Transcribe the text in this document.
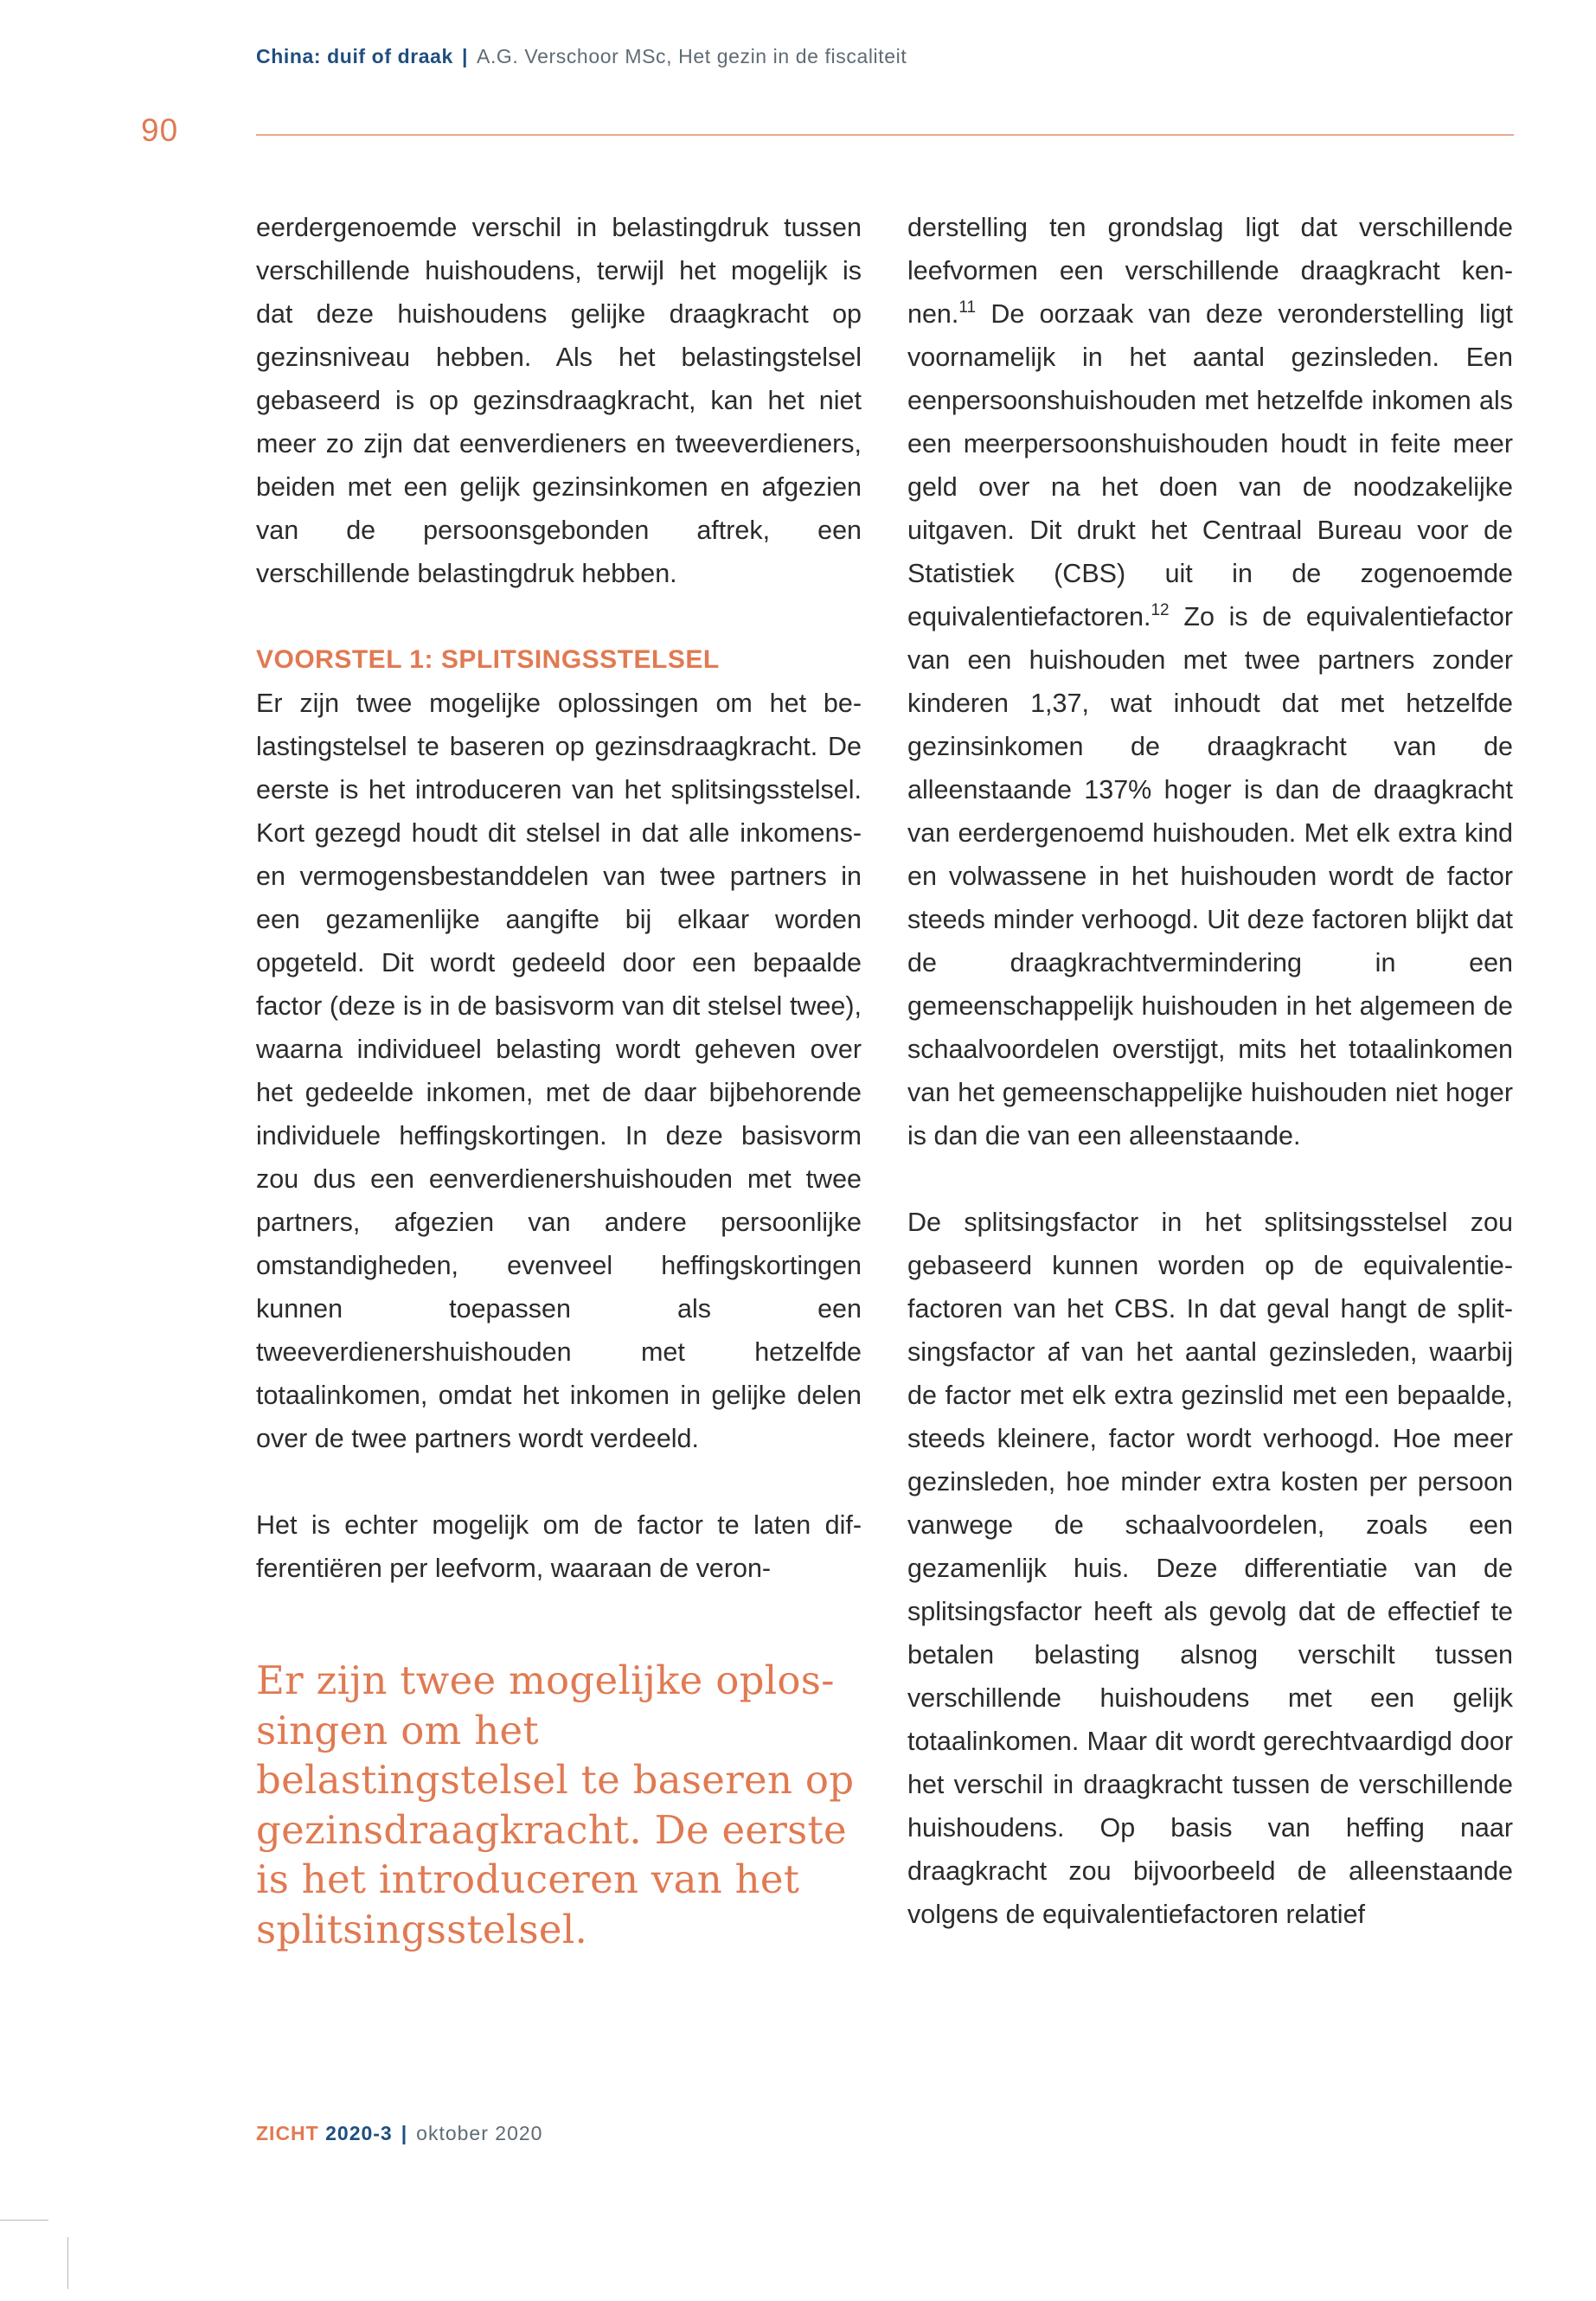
China: duif of draak | A.G. Verschoor MSc, Het gezin in de fiscaliteit
90

eerdergenoemde verschil in belastingdruk tussen verschillende huishoudens, terwijl het mogelijk is dat deze huishoudens gelijke draagkracht op gezinsniveau hebben. Als het belastingstelsel gebaseerd is op gezinsdraagkracht, kan het niet meer zo zijn dat eenverdieners en tweeverdieners, beiden met een gelijk gezinsinkomen en afgezien van de persoonsgebonden aftrek, een verschillende belastingdruk hebben.

VOORSTEL 1: SPLITSINGSSTELSEL

Er zijn twee mogelijke oplossingen om het belastingstelsel te baseren op gezinsdraagkracht. De eerste is het introduceren van het splitsingsstelsel. Kort gezegd houdt dit stelsel in dat alle inkomens- en vermogensbestanddelen van twee partners in een gezamenlijke aangifte bij elkaar worden opgeteld. Dit wordt gedeeld door een bepaalde factor (deze is in de basisvorm van dit stelsel twee), waarna individueel belasting wordt geheven over het gedeelde inkomen, met de daar bijbehorende individuele heffingskortingen. In deze basisvorm zou dus een eenverdienershuishouden met twee partners, afgezien van andere persoonlijke omstandigheden, evenveel heffingskortingen kunnen toepassen als een tweeverdienershuishouden met hetzelfde totaalinkomen, omdat het inkomen in gelijke delen over de twee partners wordt verdeeld.

Het is echter mogelijk om de factor te laten differentiëren per leefvorm, waaraan de veron-

Er zijn twee mogelijke oplossingen om het belastingstelsel te baseren op gezinsdraagkracht. De eerste is het introduceren van het splitsingsstelsel.

derstelling ten grondslag ligt dat verschillende leefvormen een verschillende draagkracht kennen.$^{11}$ De oorzaak van deze veronderstelling ligt voornamelijk in het aantal gezinsleden. Een eenpersoonshuishouden met hetzelfde inkomen als een meerpersoonshuishouden houdt in feite meer geld over na het doen van de noodzakelijke uitgaven. Dit drukt het Centraal Bureau voor de Statistiek (CBS) uit in de zogenoemde equivalentiefactoren.$^{12}$ Zo is de equivalentiefactor van een huishouden met twee partners zonder kinderen 1,37, wat inhoudt dat met hetzelfde gezinsinkomen de draagkracht van de alleenstaande 137% hoger is dan de draagkracht van eerdergenoemd huishouden. Met elk extra kind en volwassene in het huishouden wordt de factor steeds minder verhoogd. Uit deze factoren blijkt dat de draagkrachtvermindering in een gemeenschappelijk huishouden in het algemeen de schaalvoordelen overstijgt, mits het totaalinkomen van het gemeenschappelijke huishouden niet hoger is dan die van een alleenstaande.

De splitsingsfactor in het splitsingsstelsel zou gebaseerd kunnen worden op de equivalentiefactoren van het CBS. In dat geval hangt de splitsingsfactor af van het aantal gezinsleden, waarbij de factor met elk extra gezinslid met een bepaalde, steeds kleinere, factor wordt verhoogd. Hoe meer gezinsleden, hoe minder extra kosten per persoon vanwege de schaalvoordelen, zoals een gezamenlijk huis. Deze differentiatie van de splitsingsfactor heeft als gevolg dat de effectief te betalen belasting alsnog verschilt tussen verschillende huishoudens met een gelijk totaalinkomen. Maar dit wordt gerechtvaardigd door het verschil in draagkracht tussen de verschillende huishoudens. Op basis van heffing naar draagkracht zou bijvoorbeeld de alleenstaande volgens de equivalentiefactoren relatief

ZICHT 2020-3 | oktober 2020
